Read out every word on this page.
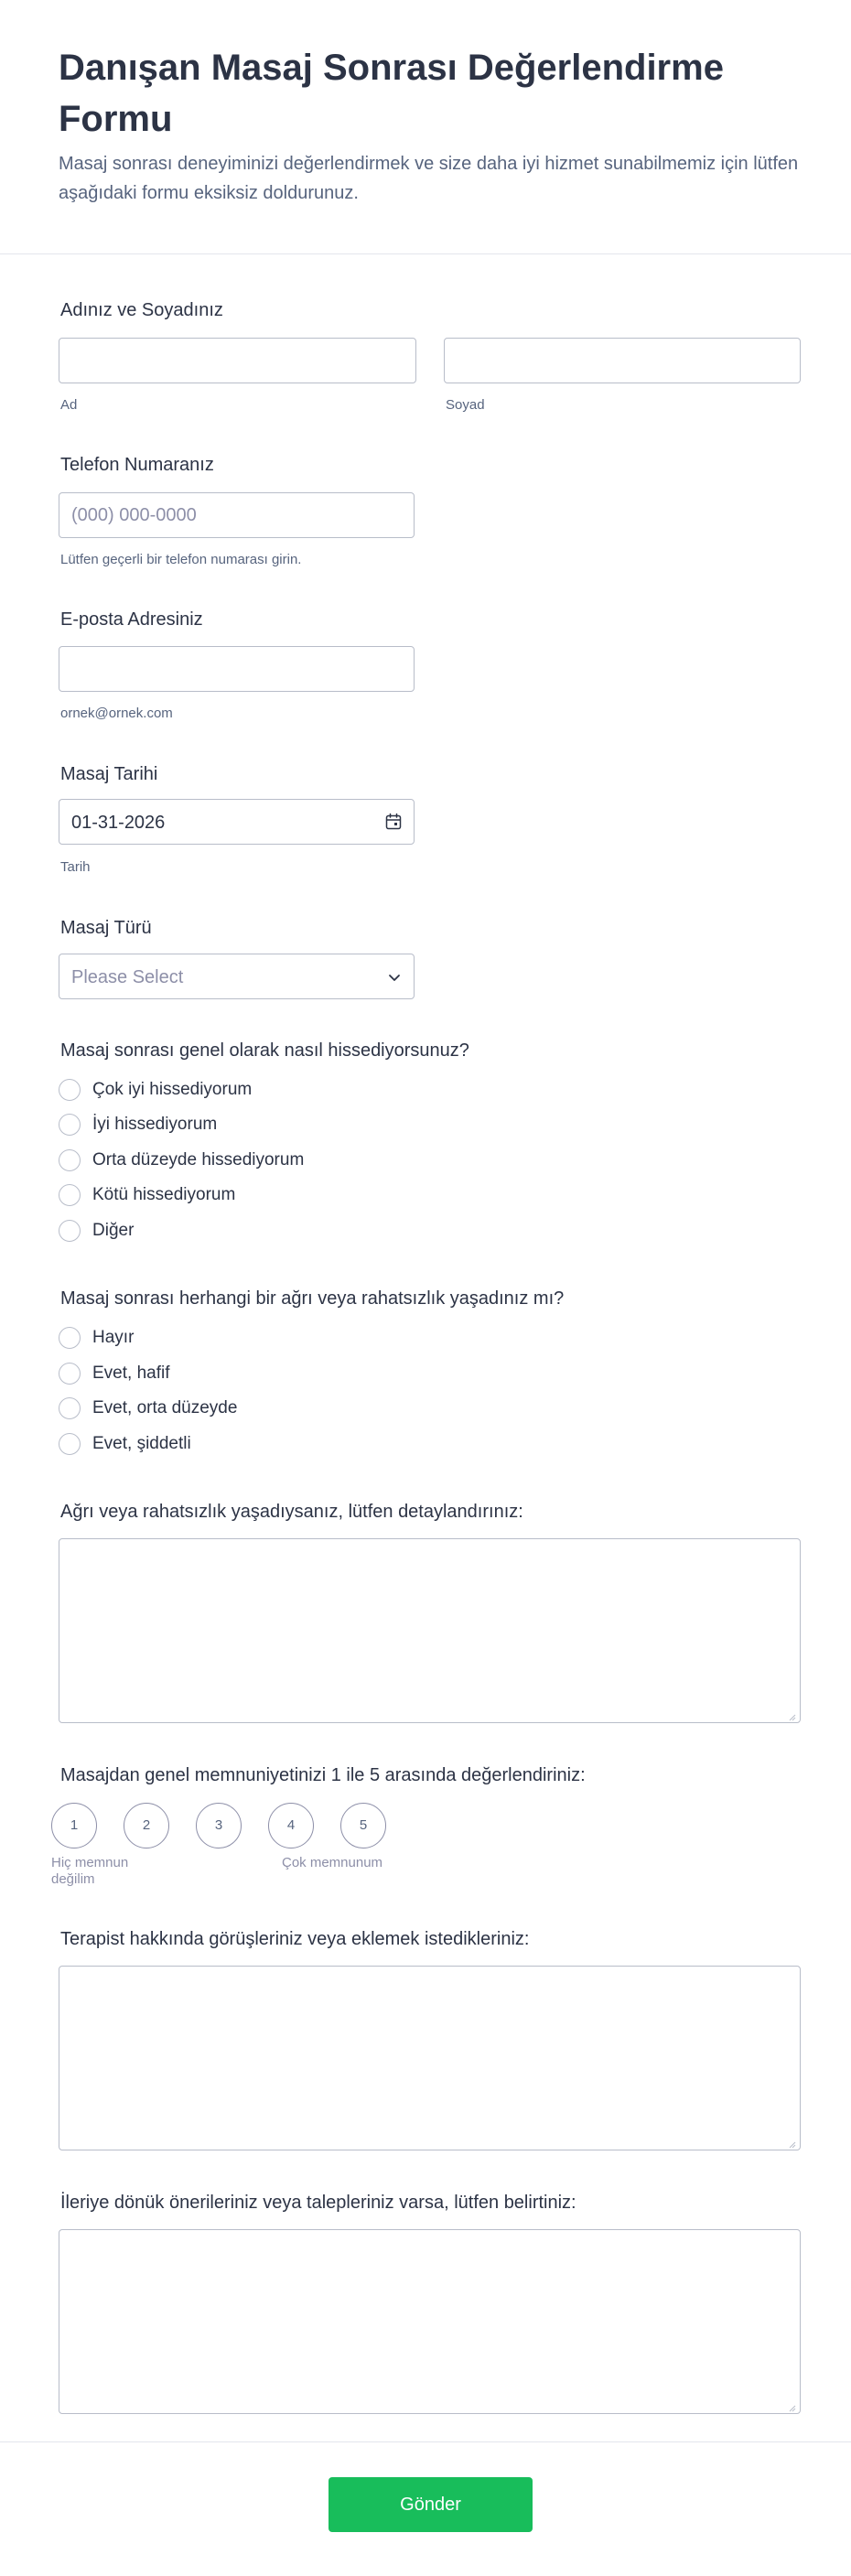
Danışan Masaj Sonrası Değerlendirme Formu

Masaj sonrası deneyiminizi değerlendirmek ve size daha iyi hizmet sunabilmemiz için lütfen aşağıdaki formu eksiksiz doldurunuz.

Adınız ve Soyadınız
Ad	Soyad
Telefon Numaranız
(000) 000-0000
Lütfen geçerli bir telefon numarası girin.
E-posta Adresiniz
ornek@ornek.com
Masaj Tarihi
01-31-2026
Tarih
Masaj Türü
Please Select
Masaj sonrası genel olarak nasıl hissediyorsunuz?
Çok iyi hissediyorum
İyi hissediyorum
Orta düzeyde hissediyorum
Kötü hissediyorum
Diğer
Masaj sonrası herhangi bir ağrı veya rahatsızlık yaşadınız mı?
Hayır
Evet, hafif
Evet, orta düzeyde
Evet, şiddetli
Ağrı veya rahatsızlık yaşadıysanız, lütfen detaylandırınız:
Masajdan genel memnuniyetinizi 1 ile 5 arasında değerlendiriniz:
1	2	3	4	5
Hiç memnun değilim
Çok memnunum
Terapist hakkında görüşleriniz veya eklemek istedikleriniz:
İleriye dönük önerileriniz veya talepleriniz varsa, lütfen belirtiniz:
Gönder
